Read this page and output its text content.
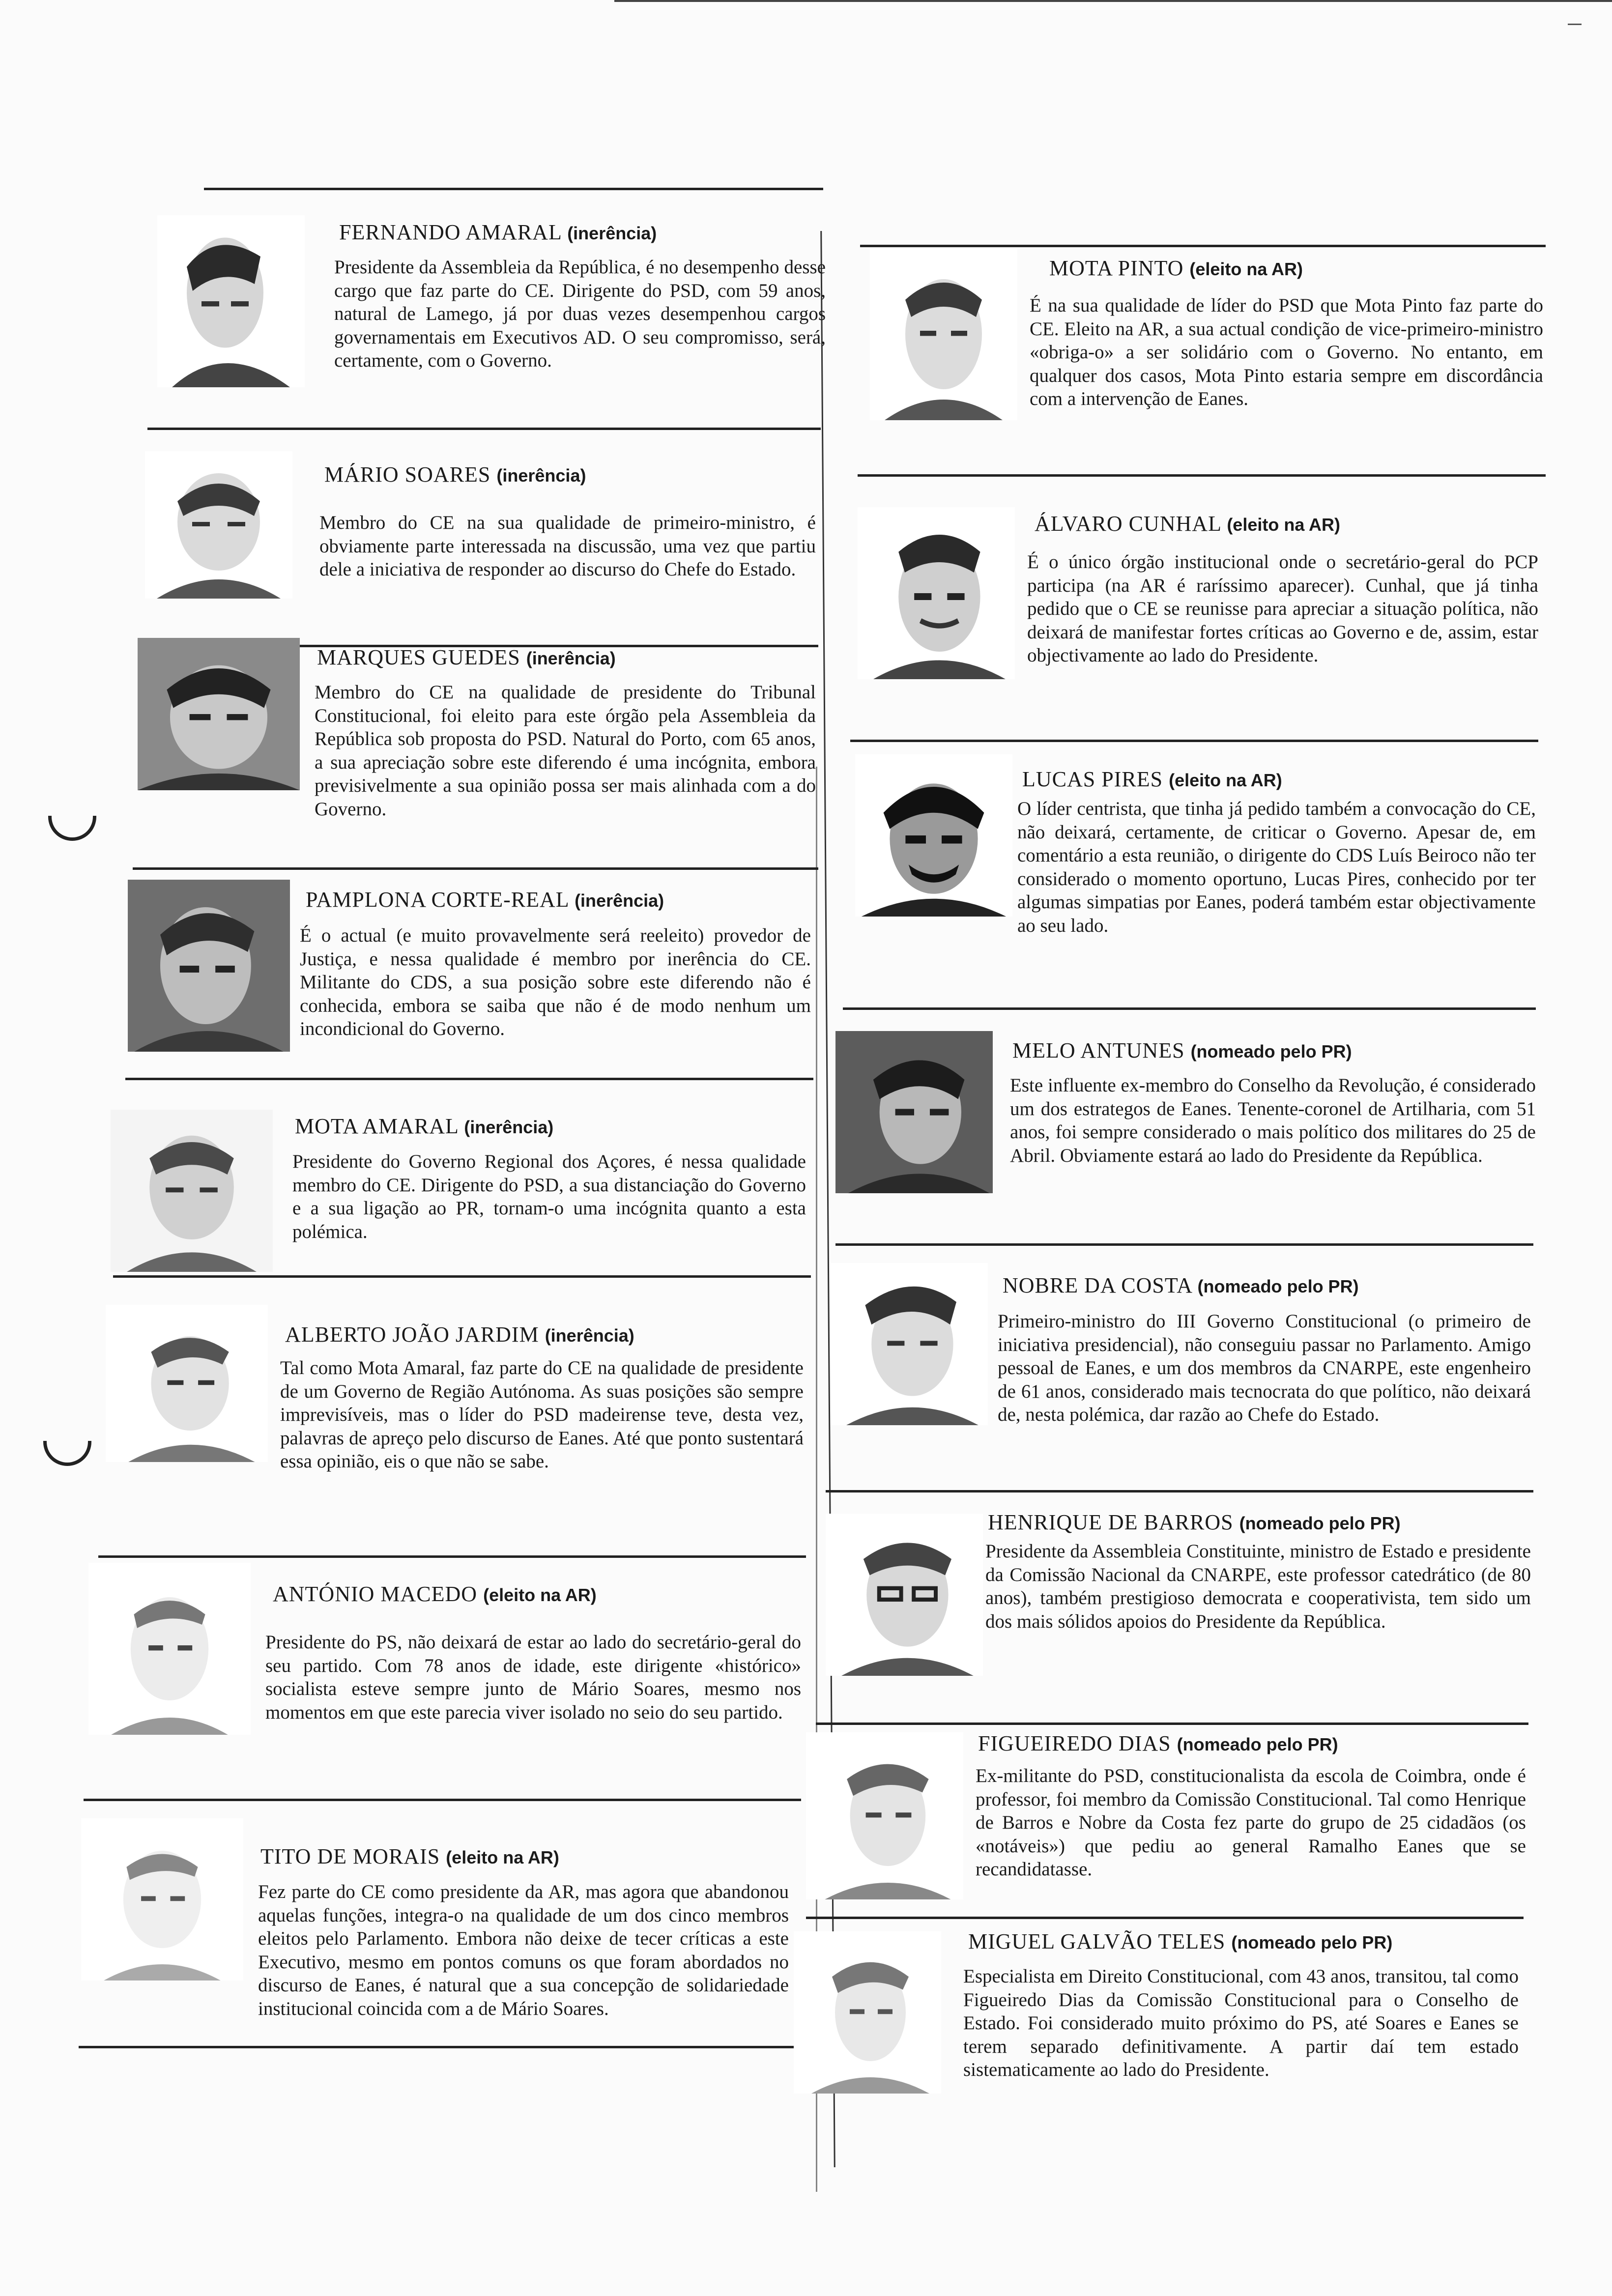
FERNANDO AMARAL (inerência)
Presidente da Assembleia da República, é no desempenho desse cargo que faz parte do CE. Dirigente do PSD, com 59 anos, natural de Lamego, já por duas vezes desempenhou cargos governamentais em Executivos AD. O seu compromisso, será, certamente, com o Governo.
MÁRIO SOARES (inerência)
Membro do CE na sua qualidade de primeiro-ministro, é obviamente parte interessada na discussão, uma vez que partiu dele a iniciativa de responder ao discurso do Chefe do Estado.
MARQUES GUEDES (inerência)
Membro do CE na qualidade de presidente do Tribunal Constitucional, foi eleito para este órgão pela Assembleia da República sob proposta do PSD. Natural do Porto, com 65 anos, a sua apreciação sobre este diferendo é uma incógnita, embora previsivelmente a sua opinião possa ser mais alinhada com a do Governo.
PAMPLONA CORTE-REAL (inerência)
É o actual (e muito provavelmente será reeleito) provedor de Justiça, e nessa qualidade é membro por inerência do CE. Militante do CDS, a sua posição sobre este diferendo não é conhecida, embora se saiba que não é de modo nenhum um incondicional do Governo.
MOTA AMARAL (inerência)
Presidente do Governo Regional dos Açores, é nessa qualidade membro do CE. Dirigente do PSD, a sua distanciação do Governo e a sua ligação ao PR, tornam-o uma incógnita quanto a esta polémica.
ALBERTO JOÃO JARDIM (inerência)
Tal como Mota Amaral, faz parte do CE na qualidade de presidente de um Governo de Região Autónoma. As suas posições são sempre imprevisíveis, mas o líder do PSD madeirense teve, desta vez, palavras de apreço pelo discurso de Eanes. Até que ponto sustentará essa opinião, eis o que não se sabe.
ANTÓNIO MACEDO (eleito na AR)
Presidente do PS, não deixará de estar ao lado do secretário-geral do seu partido. Com 78 anos de idade, este dirigente «histórico» socialista esteve sempre junto de Mário Soares, mesmo nos momentos em que este parecia viver isolado no seio do seu partido.
TITO DE MORAIS (eleito na AR)
Fez parte do CE como presidente da AR, mas agora que abandonou aquelas funções, integra-o na qualidade de um dos cinco membros eleitos pelo Parlamento. Embora não deixe de tecer críticas a este Executivo, mesmo em pontos comuns os que foram abordados no discurso de Eanes, é natural que a sua concepção de solidariedade institucional coincida com a de Mário Soares.
MOTA PINTO (eleito na AR)
É na sua qualidade de líder do PSD que Mota Pinto faz parte do CE. Eleito na AR, a sua actual condição de vice-primeiro-ministro «obriga-o» a ser solidário com o Governo. No entanto, em qualquer dos casos, Mota Pinto estaria sempre em discordância com a intervenção de Eanes.
ÁLVARO CUNHAL (eleito na AR)
É o único órgão institucional onde o secretário-geral do PCP participa (na AR é raríssimo aparecer). Cunhal, que já tinha pedido que o CE se reunisse para apreciar a situação política, não deixará de manifestar fortes críticas ao Governo e de, assim, estar objectivamente ao lado do Presidente.
LUCAS PIRES (eleito na AR)
O líder centrista, que tinha já pedido também a convocação do CE, não deixará, certamente, de criticar o Governo. Apesar de, em comentário a esta reunião, o dirigente do CDS Luís Beiroco não ter considerado o momento oportuno, Lucas Pires, conhecido por ter algumas simpatias por Eanes, poderá também estar objectivamente ao seu lado.
MELO ANTUNES (nomeado pelo PR)
Este influente ex-membro do Conselho da Revolução, é considerado um dos estrategos de Eanes. Tenente-coronel de Artilharia, com 51 anos, foi sempre considerado o mais político dos militares do 25 de Abril. Obviamente estará ao lado do Presidente da República.
NOBRE DA COSTA (nomeado pelo PR)
Primeiro-ministro do III Governo Constitucional (o primeiro de iniciativa presidencial), não conseguiu passar no Parlamento. Amigo pessoal de Eanes, e um dos membros da CNARPE, este engenheiro de 61 anos, considerado mais tecnocrata do que político, não deixará de, nesta polémica, dar razão ao Chefe do Estado.
HENRIQUE DE BARROS (nomeado pelo PR)
Presidente da Assembleia Constituinte, ministro de Estado e presidente da Comissão Nacional da CNARPE, este professor catedrático (de 80 anos), também prestigioso democrata e cooperativista, tem sido um dos mais sólidos apoios do Presidente da República.
FIGUEIREDO DIAS (nomeado pelo PR)
Ex-militante do PSD, constitucionalista da escola de Coimbra, onde é professor, foi membro da Comissão Constitucional. Tal como Henrique de Barros e Nobre da Costa fez parte do grupo de 25 cidadãos (os «notáveis») que pediu ao general Ramalho Eanes que se recandidatasse.
MIGUEL GALVÃO TELES (nomeado pelo PR)
Especialista em Direito Constitucional, com 43 anos, transitou, tal como Figueiredo Dias da Comissão Constitucional para o Conselho de Estado. Foi considerado muito próximo do PS, até Soares e Eanes se terem separado definitivamente. A partir daí tem estado sistematicamente ao lado do Presidente.
